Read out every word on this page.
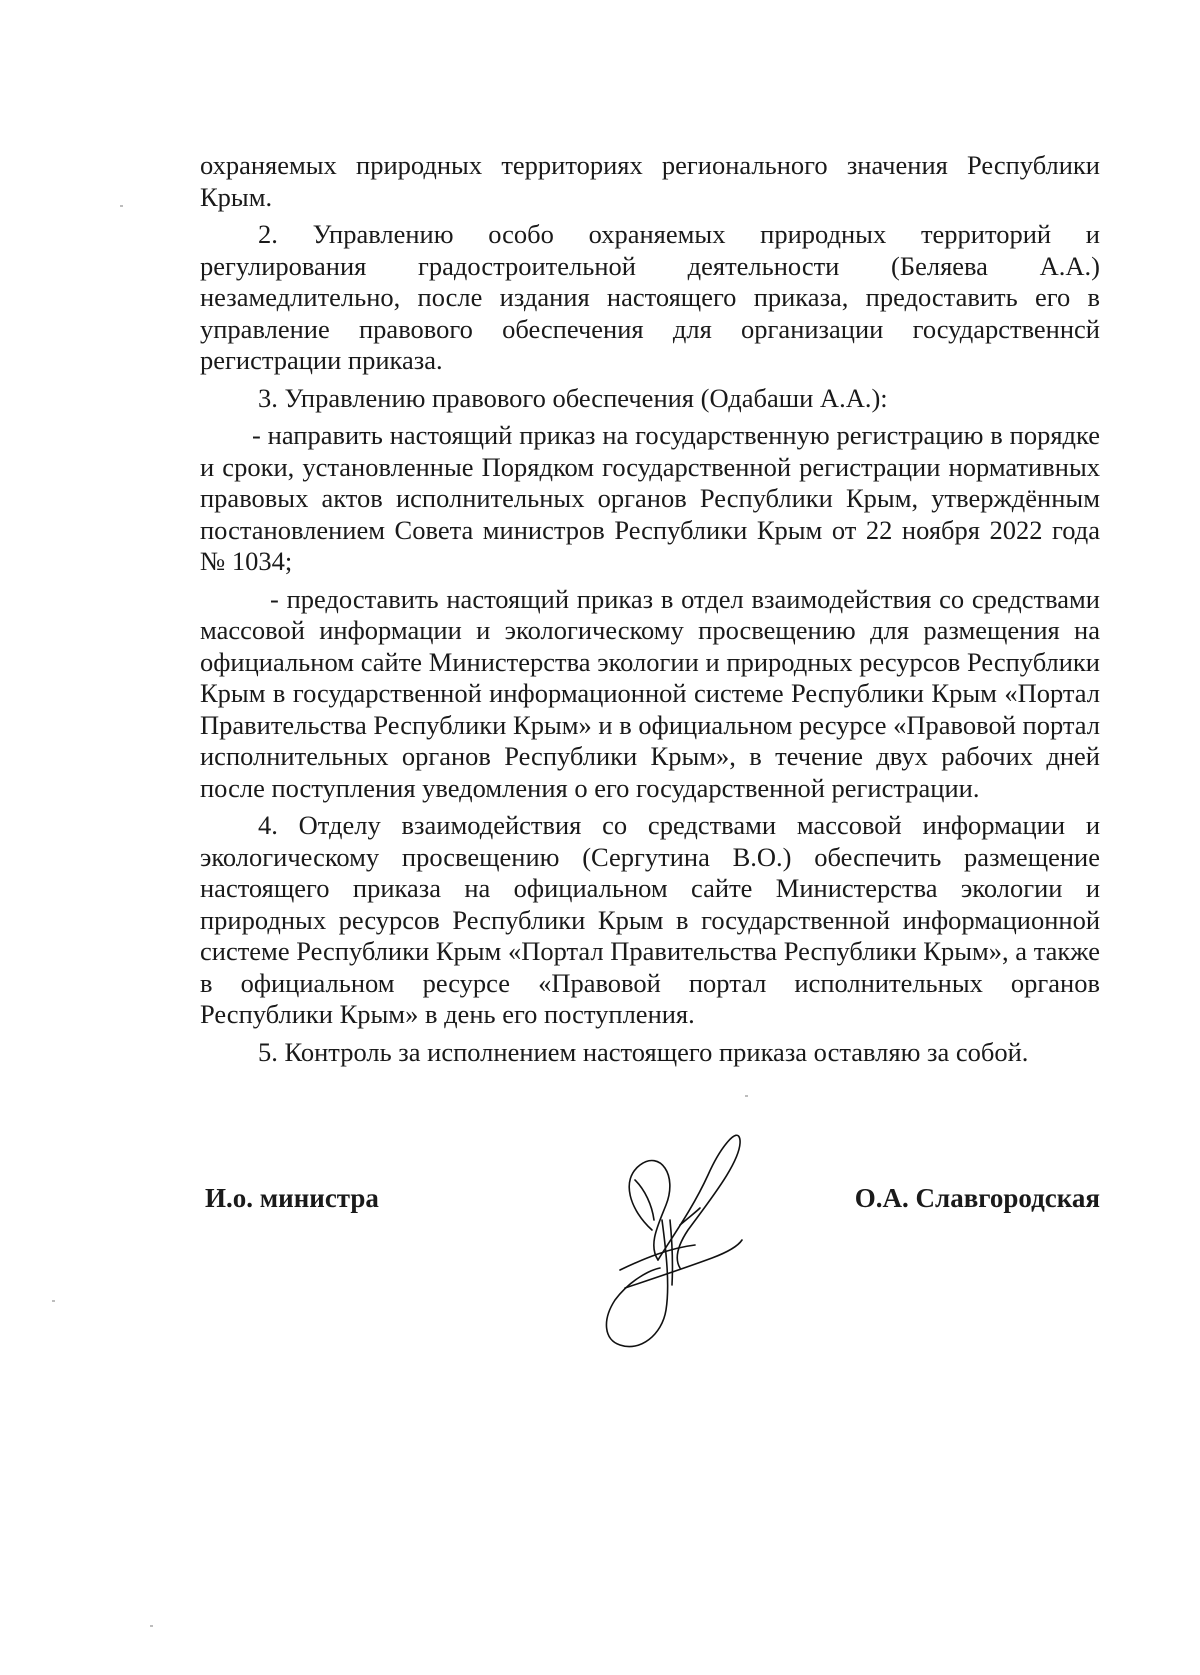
охраняемых природных территориях регионального значения Республики Крым.

2. Управлению особо охраняемых природных территорий и регулирования градостроительной деятельности (Беляева А.А.) незамедлительно, после издания настоящего приказа, предоставить его в управление правового обеспечения для организации государственнсй регистрации приказа.

3. Управлению правового обеспечения (Одабаши А.А.):

- направить настоящий приказ на государственную регистрацию в порядке и сроки, установленные Порядком государственной регистрации нормативных правовых актов исполнительных органов Республики Крым, утверждённым постановлением Совета министров Республики Крым от 22 ноября 2022 года № 1034;

- предоставить настоящий приказ в отдел взаимодействия со средствами массовой информации и экологическому просвещению для размещения на официальном сайте Министерства экологии и природных ресурсов Республики Крым в государственной информационной системе Республики Крым «Портал Правительства Республики Крым» и в официальном ресурсе «Правовой портал исполнительных органов Республики Крым», в течение двух рабочих дней после поступления уведомления о его государственной регистрации.

4. Отделу взаимодействия со средствами массовой информации и экологическому просвещению (Сергутина В.О.) обеспечить размещение настоящего приказа на официальном сайте Министерства экологии и природных ресурсов Республики Крым в государственной информационной системе Республики Крым «Портал Правительства Республики Крым», а также в официальном ресурсе «Правовой портал исполнительных органов Республики Крым» в день его поступления.

5. Контроль за исполнением настоящего приказа оставляю за собой.

И.о. министра	О.А. Славгородская
